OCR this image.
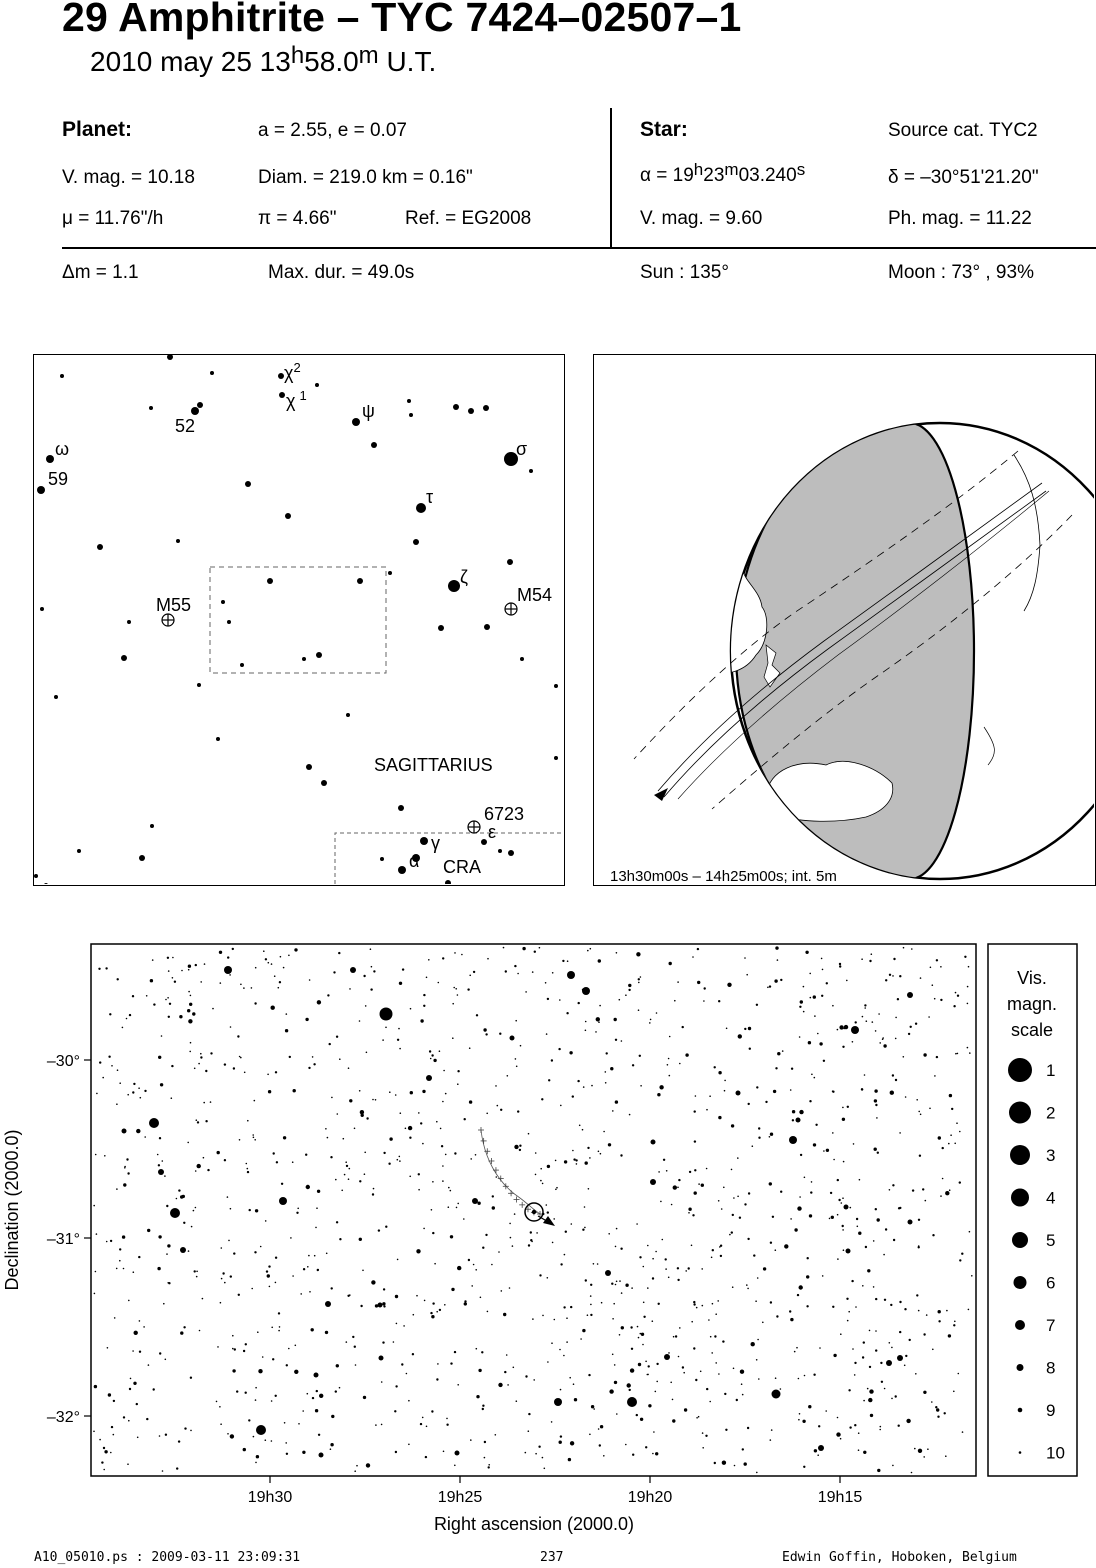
29 Amphitrite – TYC 7424–02507–1
2010 may 25 13$^h$58.0$^m$ U.T.
Planet:	a = 2.55, e = 0.07
V. mag. = 10.18	Diam. = 219.0 km = 0.16"
μ = 11.76"/h	π = 4.66"	Ref. = EG2008
Star:	Source cat. TYC2
$\alpha = 19^h23^m03.240^s$	δ = –30°51'21.20"
V. mag. = 9.60	Ph. mag. = 11.22
Δm = 1.1	Max. dur. = 49.0s	Sun : 135°	Moon : 73° , 93%
$\chi^2$
χ $^1$
ψ
52
ω
59
σ
τ
ζ
M54
M55
SAGITTARIUS
6723
ε
γ
α CRA	13h30m00s – 14h25m00s; int. 5m
19h30	19h25	19h20	19h15
–30°
–31°
–32°
Right ascension (2000.0)
Declination (2000.0)
Vis.
magn.
scale
1
2
3
4
5
6
7
8
9
10
A10_05010.ps : 2009-03-11 23:09:31	237	Edwin Goffin, Hoboken, Belgium
